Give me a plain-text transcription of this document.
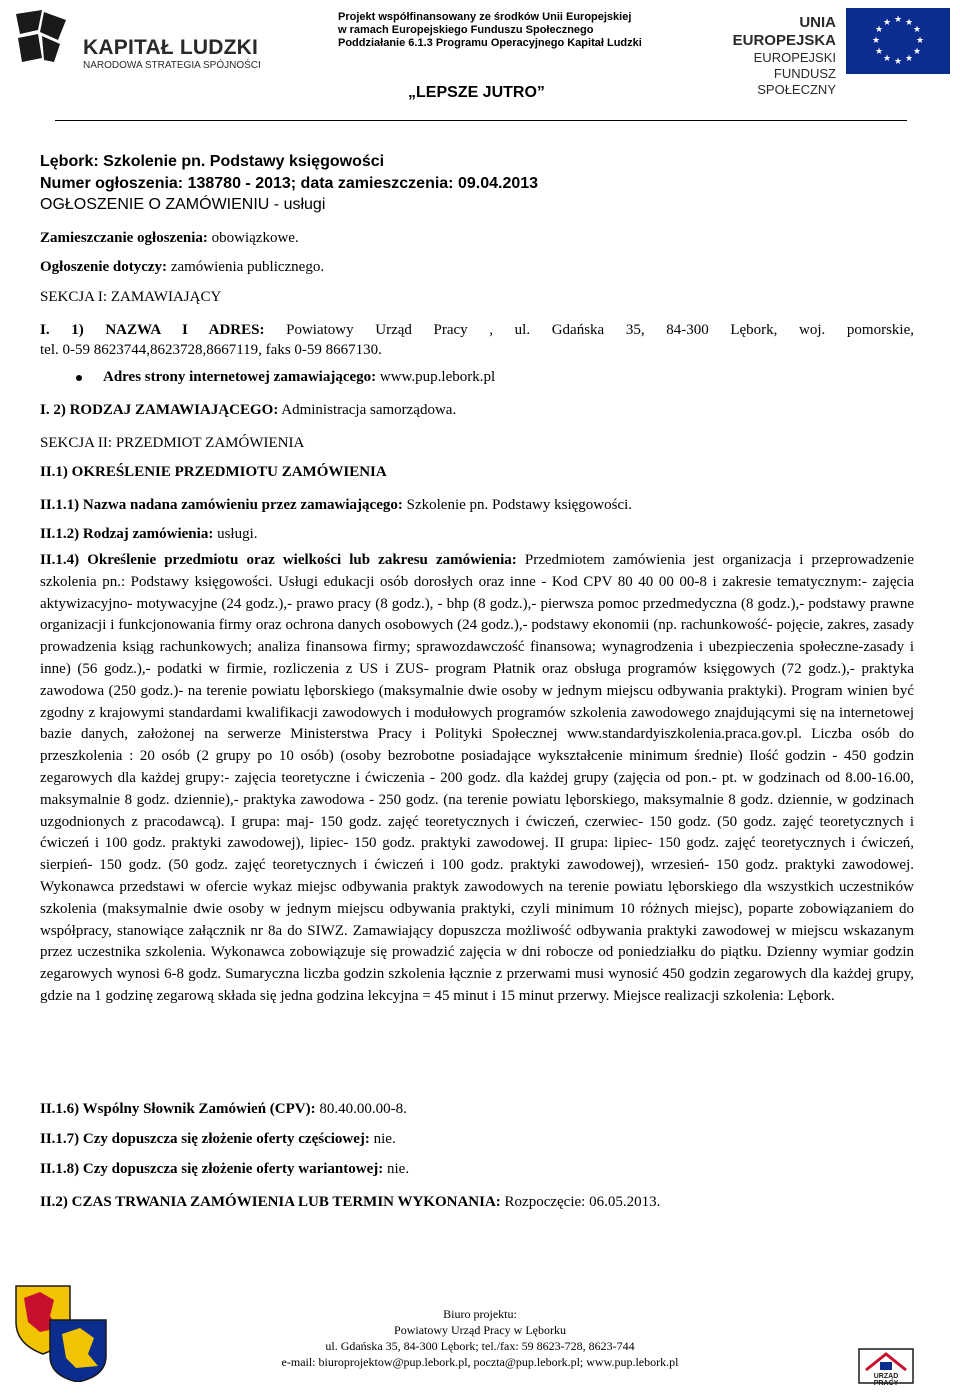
KAPITAŁ LUDZKI
NARODOWA STRATEGIA SPÓJNOŚCI
Projekt współfinansowany ze środków Unii Europejskiej
w ramach Europejskiego Funduszu Społecznego
Poddziałanie 6.1.3 Programu Operacyjnego Kapitał Ludzki
UNIA EUROPEJSKA
EUROPEJSKI
FUNDUSZ SPOŁECZNY
★ ★
★
★
★
★
★
★
★
★
★
★
„LEPSZE JUTRO”
Lębork: Szkolenie pn. Podstawy księgowości
Numer ogłoszenia: 138780 - 2013; data zamieszczenia: 09.04.2013
OGŁOSZENIE O ZAMÓWIENIU - usługi
Zamieszczanie ogłoszenia: obowiązkowe.
Ogłoszenie dotyczy: zamówienia publicznego.
SEKCJA I: ZAMAWIAJĄCY
I. 1) NAZWA I ADRES: Powiatowy Urząd Pracy , ul. Gdańska 35, 84-300 Lębork, woj. pomorskie,
tel. 0-59 8623744,8623728,8667119, faks 0-59 8667130.
Adres strony internetowej zamawiającego: www.pup.lebork.pl
I. 2) RODZAJ ZAMAWIAJĄCEGO: Administracja samorządowa.
SEKCJA II: PRZEDMIOT ZAMÓWIENIA
II.1) OKREŚLENIE PRZEDMIOTU ZAMÓWIENIA
II.1.1) Nazwa nadana zamówieniu przez zamawiającego: Szkolenie pn. Podstawy księgowości.
II.1.2) Rodzaj zamówienia: usługi.
II.1.4) Określenie przedmiotu oraz wielkości lub zakresu zamówienia: Przedmiotem zamówienia jest organizacja i przeprowadzenie szkolenia pn.: Podstawy księgowości. Usługi edukacji osób dorosłych oraz inne - Kod CPV 80 40 00 00-8 i zakresie tematycznym:- zajęcia aktywizacyjno- motywacyjne (24 godz.),- prawo pracy (8 godz.), - bhp (8 godz.),- pierwsza pomoc przedmedyczna (8 godz.),- podstawy prawne organizacji i funkcjonowania firmy oraz ochrona danych osobowych (24 godz.),- podstawy ekonomii (np. rachunkowość- pojęcie, zakres, zasady prowadzenia ksiąg rachunkowych; analiza finansowa firmy; sprawozdawczość finansowa; wynagrodzenia i ubezpieczenia społeczne-zasady i inne) (56 godz.),- podatki w firmie, rozliczenia z US i ZUS- program Płatnik oraz obsługa programów księgowych (72 godz.),- praktyka zawodowa (250 godz.)- na terenie powiatu lęborskiego (maksymalnie dwie osoby w jednym miejscu odbywania praktyki). Program winien być zgodny z krajowymi standardami kwalifikacji zawodowych i modułowych programów szkolenia zawodowego znajdującymi się na internetowej bazie danych, założonej na serwerze Ministerstwa Pracy i Polityki Społecznej www.standardyiszkolenia.praca.gov.pl. Liczba osób do przeszkolenia : 20 osób (2 grupy po 10 osób) (osoby bezrobotne posiadające wykształcenie minimum średnie) Ilość godzin - 450 godzin zegarowych dla każdej grupy:- zajęcia teoretyczne i ćwiczenia - 200 godz. dla każdej grupy (zajęcia od pon.- pt. w godzinach od 8.00-16.00, maksymalnie 8 godz. dziennie),- praktyka zawodowa - 250 godz. (na terenie powiatu lęborskiego, maksymalnie 8 godz. dziennie, w godzinach uzgodnionych z pracodawcą). I grupa: maj- 150 godz. zajęć teoretycznych i ćwiczeń, czerwiec- 150 godz. (50 godz. zajęć teoretycznych i ćwiczeń i 100 godz. praktyki zawodowej), lipiec- 150 godz. praktyki zawodowej. II grupa: lipiec- 150 godz. zajęć teoretycznych i ćwiczeń, sierpień- 150 godz. (50 godz. zajęć teoretycznych i ćwiczeń i 100 godz. praktyki zawodowej), wrzesień- 150 godz. praktyki zawodowej. Wykonawca przedstawi w ofercie wykaz miejsc odbywania praktyk zawodowych na terenie powiatu lęborskiego dla wszystkich uczestników szkolenia (maksymalnie dwie osoby w jednym miejscu odbywania praktyki, czyli minimum 10 różnych miejsc), poparte zobowiązaniem do współpracy, stanowiące załącznik nr 8a do SIWZ. Zamawiający dopuszcza możliwość odbywania praktyki zawodowej w miejscu wskazanym przez uczestnika szkolenia. Wykonawca zobowiązuje się prowadzić zajęcia w dni robocze od poniedziałku do piątku. Dzienny wymiar godzin zegarowych wynosi 6-8 godz. Sumaryczna liczba godzin szkolenia łącznie z przerwami musi wynosić 450 godzin zegarowych dla każdej grupy, gdzie na 1 godzinę zegarową składa się jedna godzina lekcyjna = 45 minut i 15 minut przerwy. Miejsce realizacji szkolenia: Lębork.
II.1.6) Wspólny Słownik Zamówień (CPV): 80.40.00.00-8.
II.1.7) Czy dopuszcza się złożenie oferty częściowej: nie.
II.1.8) Czy dopuszcza się złożenie oferty wariantowej: nie.
II.2) CZAS TRWANIA ZAMÓWIENIA LUB TERMIN WYKONANIA: Rozpoczęcie: 06.05.2013.
Biuro projektu:
Powiatowy Urząd Pracy w Lęborku
ul. Gdańska 35, 84-300 Lębork; tel./fax: 59 8623-728, 8623-744
e-mail: biuroprojektow@pup.lebork.pl, poczta@pup.lebork.pl; www.pup.lebork.pl
URZĄD PRACY
